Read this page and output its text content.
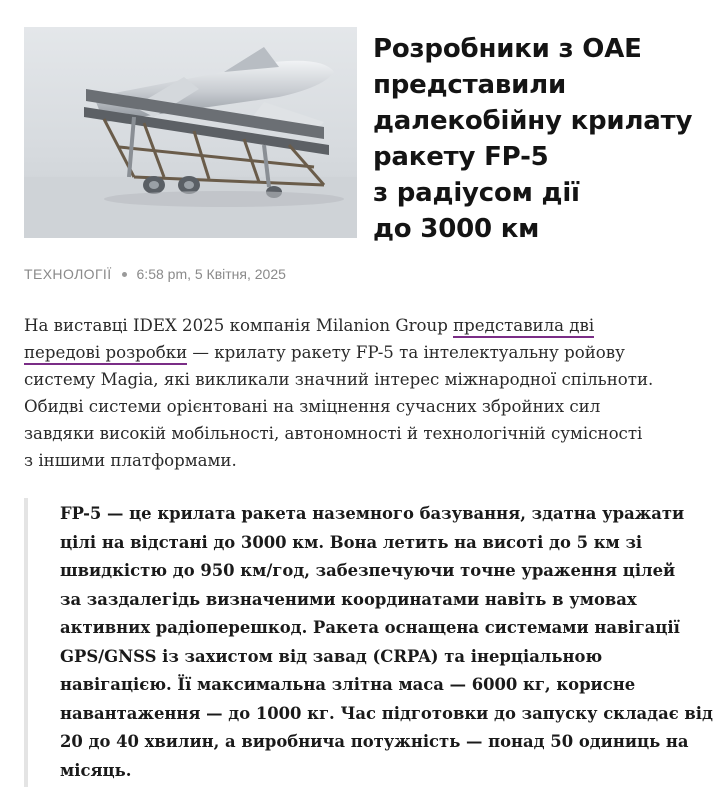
Розробники з ОАЕ
представили
далекобійну крилату
ракету FP-5
з радіусом дії
до 3000 км
ТЕХНОЛОГІЇ 6:58 pm, 5 Квітня, 2025
На виставці IDEX 2025 компанія Milanion Group представила дві
передові розробки — крилату ракету FP-5 та інтелектуальну ройову
систему Magia, які викликали значний інтерес міжнародної спільноти.
Обидві системи орієнтовані на зміцнення сучасних збройних сил
завдяки високій мобільності, автономності й технологічній сумісності
з іншими платформами.
FP-5 — це крилата ракета наземного базування, здатна уражати
цілі на відстані до 3000 км. Вона летить на висоті до 5 км зі
швидкістю до 950 км/год, забезпечуючи точне ураження цілей
за заздалегідь визначеними координатами навіть в умовах
активних радіоперешкод. Ракета оснащена системами навігації
GPS/GNSS із захистом від завад (CRPA) та інерціальною
навігацією. Її максимальна злітна маса — 6000 кг, корисне
навантаження — до 1000 кг. Час підготовки до запуску складає від
20 до 40 хвилин, а виробнича потужність — понад 50 одиниць на
місяць.
